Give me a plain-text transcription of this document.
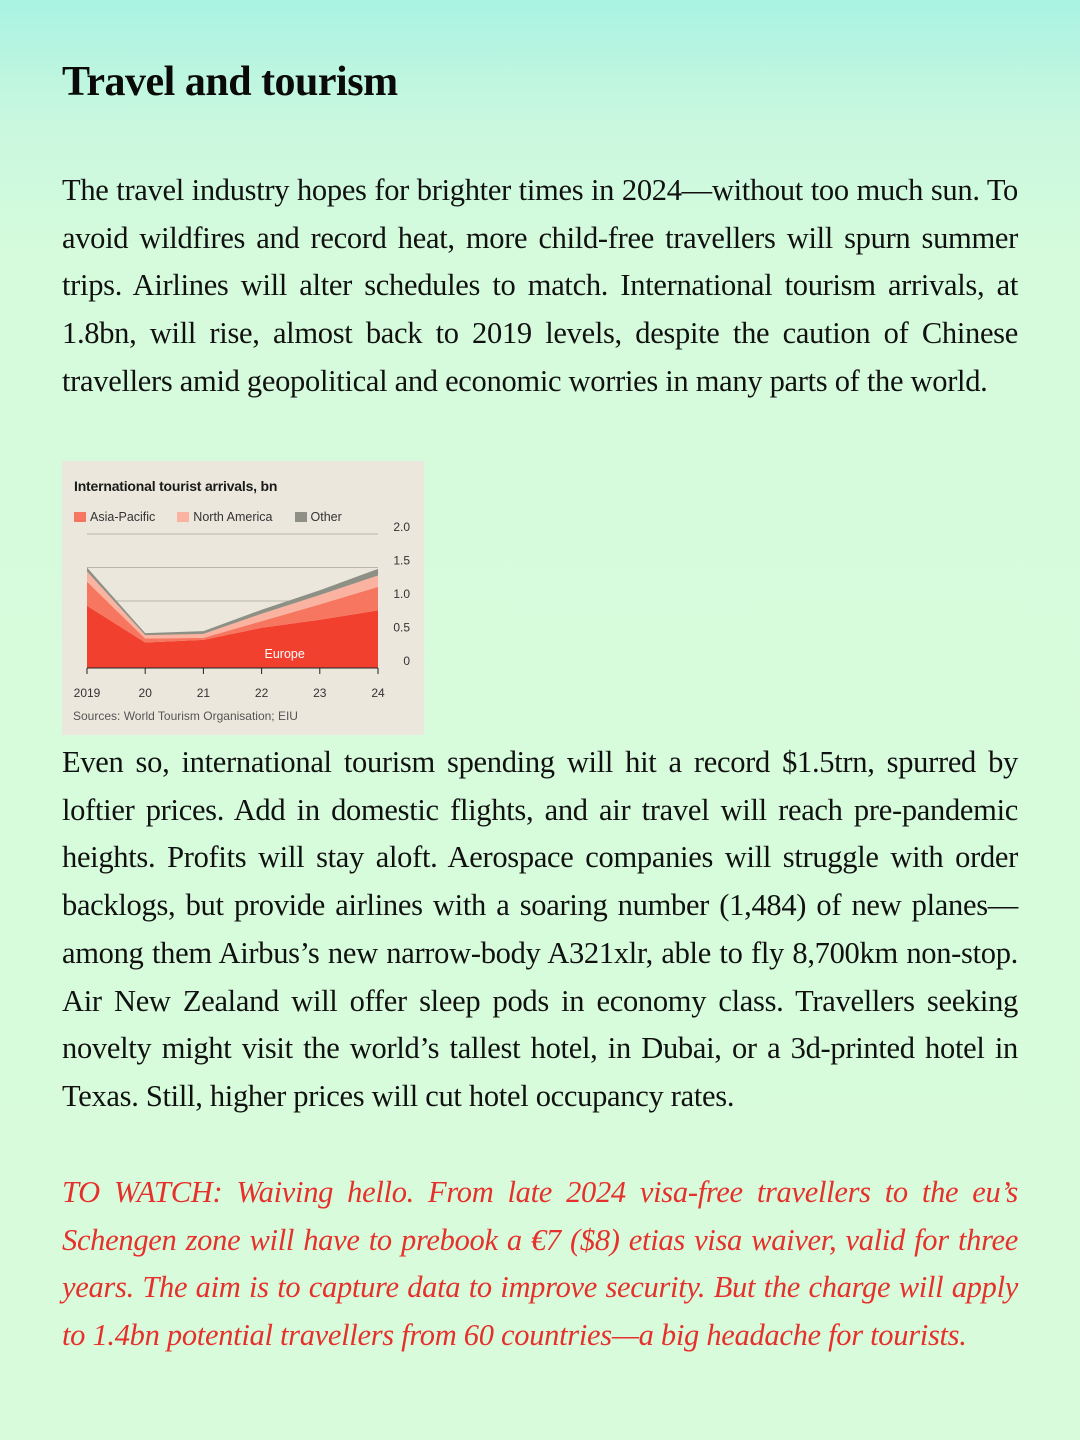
Travel and tourism

The travel industry hopes for brighter times in 2024—without too much sun. To avoid wildfires and record heat, more child-free travellers will spurn summer trips. Airlines will alter schedules to match. International tourism arrivals, at 1.8bn, will rise, almost back to 2019 levels, despite the caution of Chinese travellers amid geopolitical and economic worries in many parts of the world.

International tourist arrivals, bn

Asia-Pacific	North America	Other
2019	20	21	22	23	24
0
0.5
1.0
1.5
2.0
Europe

Sources: World Tourism Organisation; EIU

Even so, international tourism spending will hit a record $1.5trn, spurred by loftier prices. Add in domestic flights, and air travel will reach pre-pandemic heights. Profits will stay aloft. Aerospace companies will struggle with order backlogs, but provide airlines with a soaring number (1,484) of new planes—among them Airbus’s new narrow-body A321xlr, able to fly 8,700km non-stop. Air New Zealand will offer sleep pods in economy class. Travellers seeking novelty might visit the world’s tallest hotel, in Dubai, or a 3d-printed hotel in Texas. Still, higher prices will cut hotel occupancy rates.

TO WATCH: Waiving hello. From late 2024 visa-free travellers to the eu’s Schengen zone will have to prebook a €7 ($8) etias visa waiver, valid for three years. The aim is to capture data to improve security. But the charge will apply to 1.4bn potential travellers from 60 countries—a big headache for tourists.
